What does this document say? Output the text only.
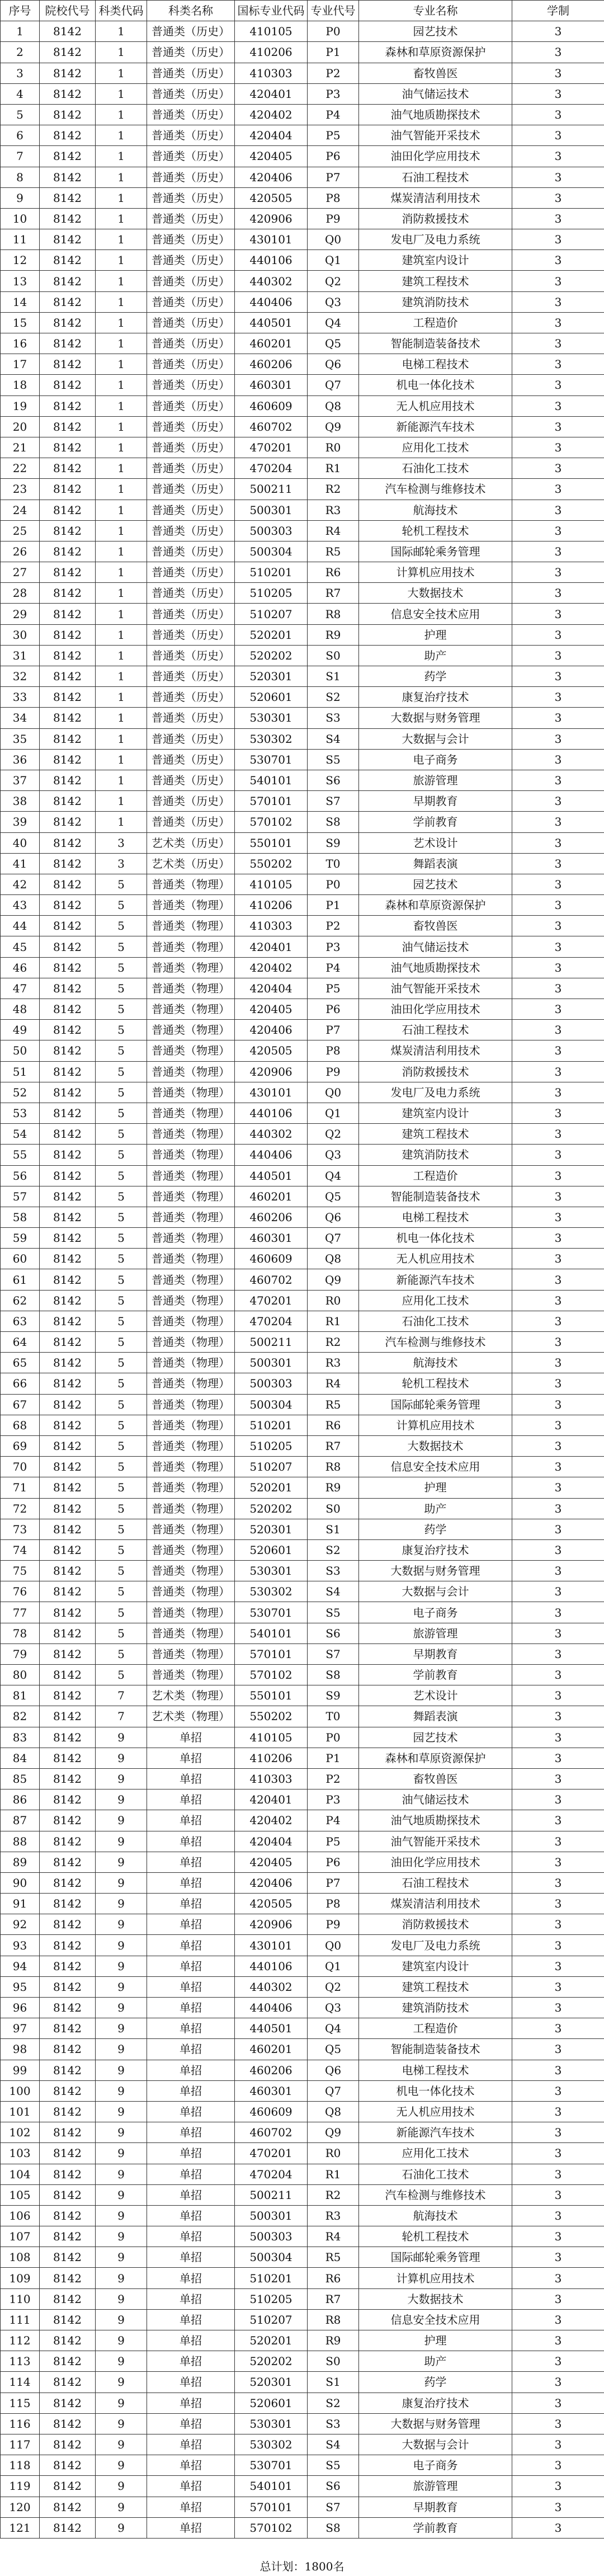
序号	院校代号	科类代码	科类名称	国标专业代码	专业代号	专业名称	学制
1	8142	1	普通类（历史）	410105	P0	园艺技术	3
2	8142	1	普通类（历史）	410206	P1	森林和草原资源保护	3
3	8142	1	普通类（历史）	410303	P2	畜牧兽医	3
4	8142	1	普通类（历史）	420401	P3	油气储运技术	3
5	8142	1	普通类（历史）	420402	P4	油气地质勘探技术	3
6	8142	1	普通类（历史）	420404	P5	油气智能开采技术	3
7	8142	1	普通类（历史）	420405	P6	油田化学应用技术	3
8	8142	1	普通类（历史）	420406	P7	石油工程技术	3
9	8142	1	普通类（历史）	420505	P8	煤炭清洁利用技术	3
10	8142	1	普通类（历史）	420906	P9	消防救援技术	3
11	8142	1	普通类（历史）	430101	Q0	发电厂及电力系统	3
12	8142	1	普通类（历史）	440106	Q1	建筑室内设计	3
13	8142	1	普通类（历史）	440302	Q2	建筑工程技术	3
14	8142	1	普通类（历史）	440406	Q3	建筑消防技术	3
15	8142	1	普通类（历史）	440501	Q4	工程造价	3
16	8142	1	普通类（历史）	460201	Q5	智能制造装备技术	3
17	8142	1	普通类（历史）	460206	Q6	电梯工程技术	3
18	8142	1	普通类（历史）	460301	Q7	机电一体化技术	3
19	8142	1	普通类（历史）	460609	Q8	无人机应用技术	3
20	8142	1	普通类（历史）	460702	Q9	新能源汽车技术	3
21	8142	1	普通类（历史）	470201	R0	应用化工技术	3
22	8142	1	普通类（历史）	470204	R1	石油化工技术	3
23	8142	1	普通类（历史）	500211	R2	汽车检测与维修技术	3
24	8142	1	普通类（历史）	500301	R3	航海技术	3
25	8142	1	普通类（历史）	500303	R4	轮机工程技术	3
26	8142	1	普通类（历史）	500304	R5	国际邮轮乘务管理	3
27	8142	1	普通类（历史）	510201	R6	计算机应用技术	3
28	8142	1	普通类（历史）	510205	R7	大数据技术	3
29	8142	1	普通类（历史）	510207	R8	信息安全技术应用	3
30	8142	1	普通类（历史）	520201	R9	护理	3
31	8142	1	普通类（历史）	520202	S0	助产	3
32	8142	1	普通类（历史）	520301	S1	药学	3
33	8142	1	普通类（历史）	520601	S2	康复治疗技术	3
34	8142	1	普通类（历史）	530301	S3	大数据与财务管理	3
35	8142	1	普通类（历史）	530302	S4	大数据与会计	3
36	8142	1	普通类（历史）	530701	S5	电子商务	3
37	8142	1	普通类（历史）	540101	S6	旅游管理	3
38	8142	1	普通类（历史）	570101	S7	早期教育	3
39	8142	1	普通类（历史）	570102	S8	学前教育	3
40	8142	3	艺术类（历史）	550101	S9	艺术设计	3
41	8142	3	艺术类（历史）	550202	T0	舞蹈表演	3
42	8142	5	普通类（物理）	410105	P0	园艺技术	3
43	8142	5	普通类（物理）	410206	P1	森林和草原资源保护	3
44	8142	5	普通类（物理）	410303	P2	畜牧兽医	3
45	8142	5	普通类（物理）	420401	P3	油气储运技术	3
46	8142	5	普通类（物理）	420402	P4	油气地质勘探技术	3
47	8142	5	普通类（物理）	420404	P5	油气智能开采技术	3
48	8142	5	普通类（物理）	420405	P6	油田化学应用技术	3
49	8142	5	普通类（物理）	420406	P7	石油工程技术	3
50	8142	5	普通类（物理）	420505	P8	煤炭清洁利用技术	3
51	8142	5	普通类（物理）	420906	P9	消防救援技术	3
52	8142	5	普通类（物理）	430101	Q0	发电厂及电力系统	3
53	8142	5	普通类（物理）	440106	Q1	建筑室内设计	3
54	8142	5	普通类（物理）	440302	Q2	建筑工程技术	3
55	8142	5	普通类（物理）	440406	Q3	建筑消防技术	3
56	8142	5	普通类（物理）	440501	Q4	工程造价	3
57	8142	5	普通类（物理）	460201	Q5	智能制造装备技术	3
58	8142	5	普通类（物理）	460206	Q6	电梯工程技术	3
59	8142	5	普通类（物理）	460301	Q7	机电一体化技术	3
60	8142	5	普通类（物理）	460609	Q8	无人机应用技术	3
61	8142	5	普通类（物理）	460702	Q9	新能源汽车技术	3
62	8142	5	普通类（物理）	470201	R0	应用化工技术	3
63	8142	5	普通类（物理）	470204	R1	石油化工技术	3
64	8142	5	普通类（物理）	500211	R2	汽车检测与维修技术	3
65	8142	5	普通类（物理）	500301	R3	航海技术	3
66	8142	5	普通类（物理）	500303	R4	轮机工程技术	3
67	8142	5	普通类（物理）	500304	R5	国际邮轮乘务管理	3
68	8142	5	普通类（物理）	510201	R6	计算机应用技术	3
69	8142	5	普通类（物理）	510205	R7	大数据技术	3
70	8142	5	普通类（物理）	510207	R8	信息安全技术应用	3
71	8142	5	普通类（物理）	520201	R9	护理	3
72	8142	5	普通类（物理）	520202	S0	助产	3
73	8142	5	普通类（物理）	520301	S1	药学	3
74	8142	5	普通类（物理）	520601	S2	康复治疗技术	3
75	8142	5	普通类（物理）	530301	S3	大数据与财务管理	3
76	8142	5	普通类（物理）	530302	S4	大数据与会计	3
77	8142	5	普通类（物理）	530701	S5	电子商务	3
78	8142	5	普通类（物理）	540101	S6	旅游管理	3
79	8142	5	普通类（物理）	570101	S7	早期教育	3
80	8142	5	普通类（物理）	570102	S8	学前教育	3
81	8142	7	艺术类（物理）	550101	S9	艺术设计	3
82	8142	7	艺术类（物理）	550202	T0	舞蹈表演	3
83	8142	9	单招	410105	P0	园艺技术	3
84	8142	9	单招	410206	P1	森林和草原资源保护	3
85	8142	9	单招	410303	P2	畜牧兽医	3
86	8142	9	单招	420401	P3	油气储运技术	3
87	8142	9	单招	420402	P4	油气地质勘探技术	3
88	8142	9	单招	420404	P5	油气智能开采技术	3
89	8142	9	单招	420405	P6	油田化学应用技术	3
90	8142	9	单招	420406	P7	石油工程技术	3
91	8142	9	单招	420505	P8	煤炭清洁利用技术	3
92	8142	9	单招	420906	P9	消防救援技术	3
93	8142	9	单招	430101	Q0	发电厂及电力系统	3
94	8142	9	单招	440106	Q1	建筑室内设计	3
95	8142	9	单招	440302	Q2	建筑工程技术	3
96	8142	9	单招	440406	Q3	建筑消防技术	3
97	8142	9	单招	440501	Q4	工程造价	3
98	8142	9	单招	460201	Q5	智能制造装备技术	3
99	8142	9	单招	460206	Q6	电梯工程技术	3
100	8142	9	单招	460301	Q7	机电一体化技术	3
101	8142	9	单招	460609	Q8	无人机应用技术	3
102	8142	9	单招	460702	Q9	新能源汽车技术	3
103	8142	9	单招	470201	R0	应用化工技术	3
104	8142	9	单招	470204	R1	石油化工技术	3
105	8142	9	单招	500211	R2	汽车检测与维修技术	3
106	8142	9	单招	500301	R3	航海技术	3
107	8142	9	单招	500303	R4	轮机工程技术	3
108	8142	9	单招	500304	R5	国际邮轮乘务管理	3
109	8142	9	单招	510201	R6	计算机应用技术	3
110	8142	9	单招	510205	R7	大数据技术	3
111	8142	9	单招	510207	R8	信息安全技术应用	3
112	8142	9	单招	520201	R9	护理	3
113	8142	9	单招	520202	S0	助产	3
114	8142	9	单招	520301	S1	药学	3
115	8142	9	单招	520601	S2	康复治疗技术	3
116	8142	9	单招	530301	S3	大数据与财务管理	3
117	8142	9	单招	530302	S4	大数据与会计	3
118	8142	9	单招	530701	S5	电子商务	3
119	8142	9	单招	540101	S6	旅游管理	3
120	8142	9	单招	570101	S7	早期教育	3
121	8142	9	单招	570102	S8	学前教育	3
总计划：1800名
